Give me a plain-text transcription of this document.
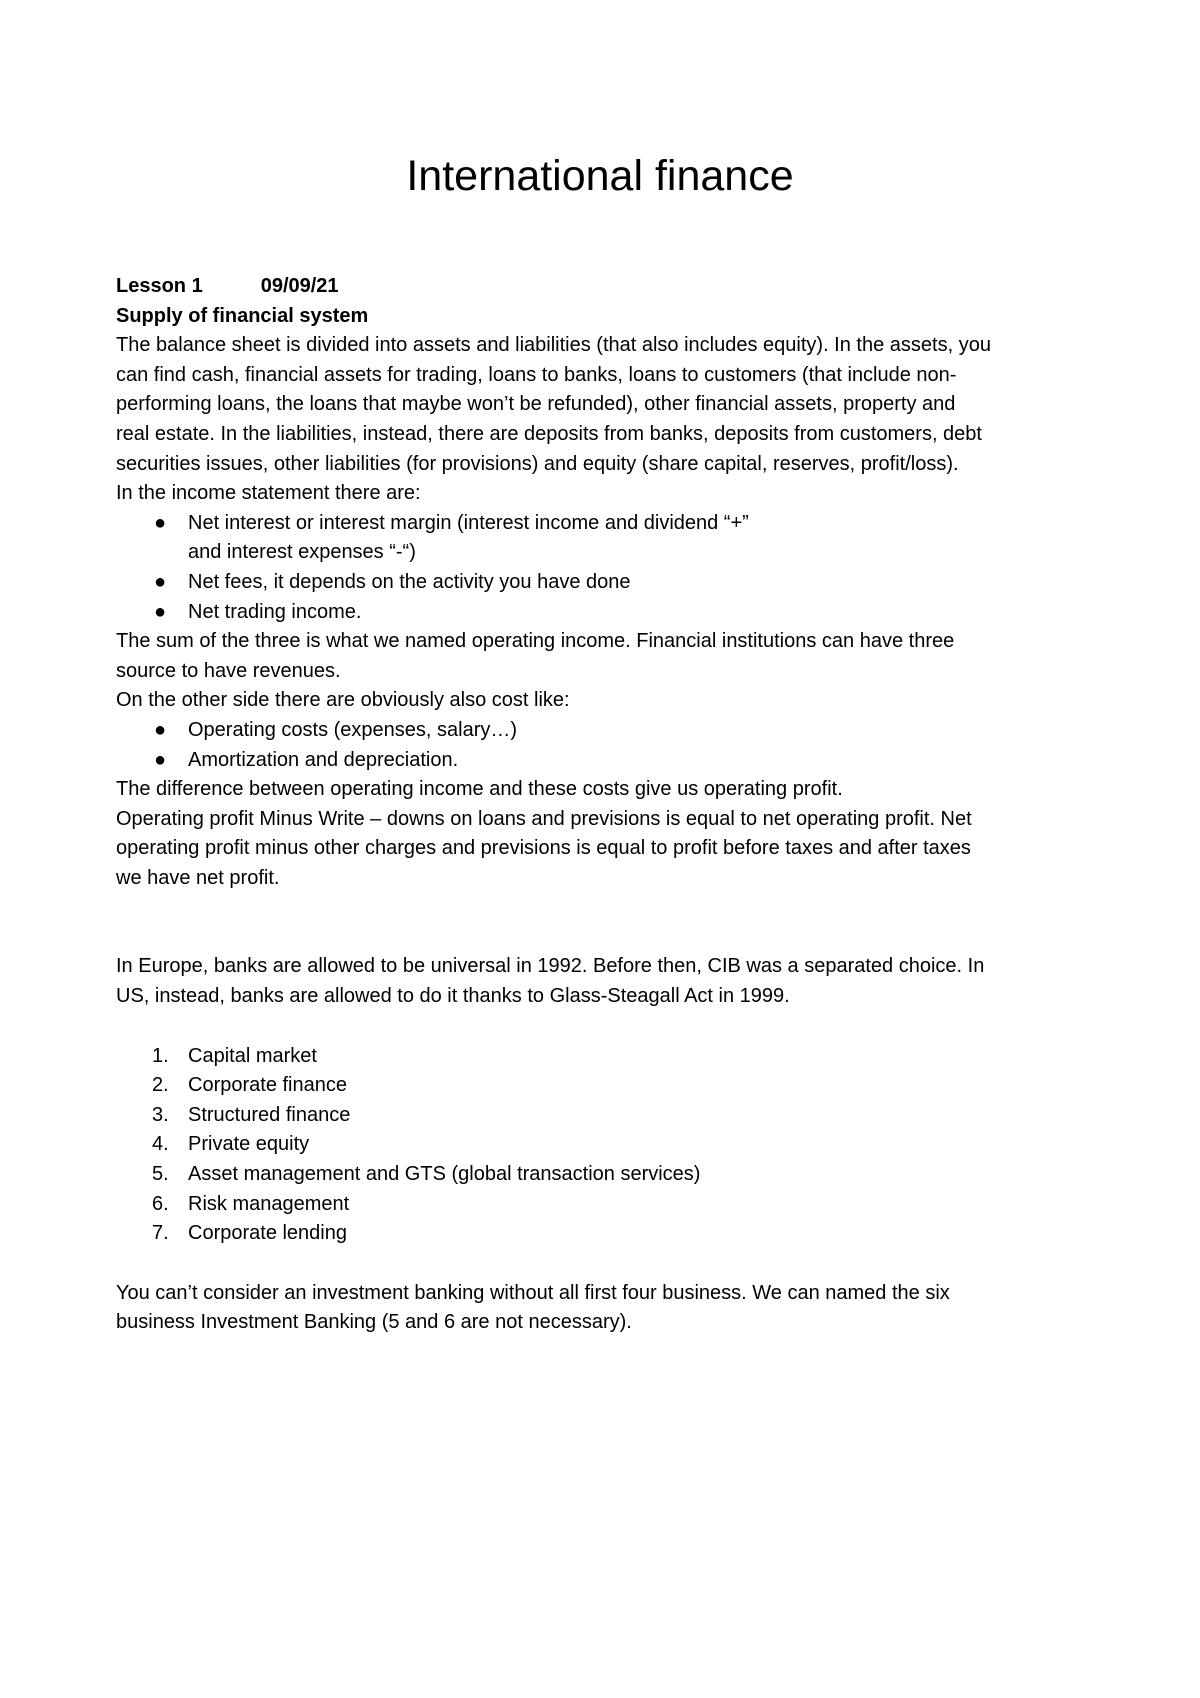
International finance

Lesson 1	09/09/21

Supply of financial system

The balance sheet is divided into assets and liabilities (that also includes equity). In the assets, you

can find cash, financial assets for trading, loans to banks, loans to customers (that include non-

performing loans, the loans that maybe won’t be refunded), other financial assets, property and

real estate. In the liabilities, instead, there are deposits from banks, deposits from customers, debt

securities issues, other liabilities (for provisions) and equity (share capital, reserves, profit/loss).

In the income statement there are:

● Net interest or interest margin (interest income and dividend “+”
and interest expenses “-“)
● Net fees, it depends on the activity you have done
● Net trading income.

The sum of the three is what we named operating income. Financial institutions can have three

source to have revenues.

On the other side there are obviously also cost like:

● Operating costs (expenses, salary…)
● Amortization and depreciation.

The difference between operating income and these costs give us operating profit.

Operating profit Minus Write – downs on loans and previsions is equal to net operating profit. Net

operating profit minus other charges and previsions is equal to profit before taxes and after taxes

we have net profit.

In Europe, banks are allowed to be universal in 1992. Before then, CIB was a separated choice. In

US, instead, banks are allowed to do it thanks to Glass-Steagall Act in 1999.

1. Capital market
2. Corporate finance
3. Structured finance
4. Private equity
5. Asset management and GTS (global transaction services)
6. Risk management
7. Corporate lending

You can’t consider an investment banking without all first four business. We can named the six

business Investment Banking (5 and 6 are not necessary).
